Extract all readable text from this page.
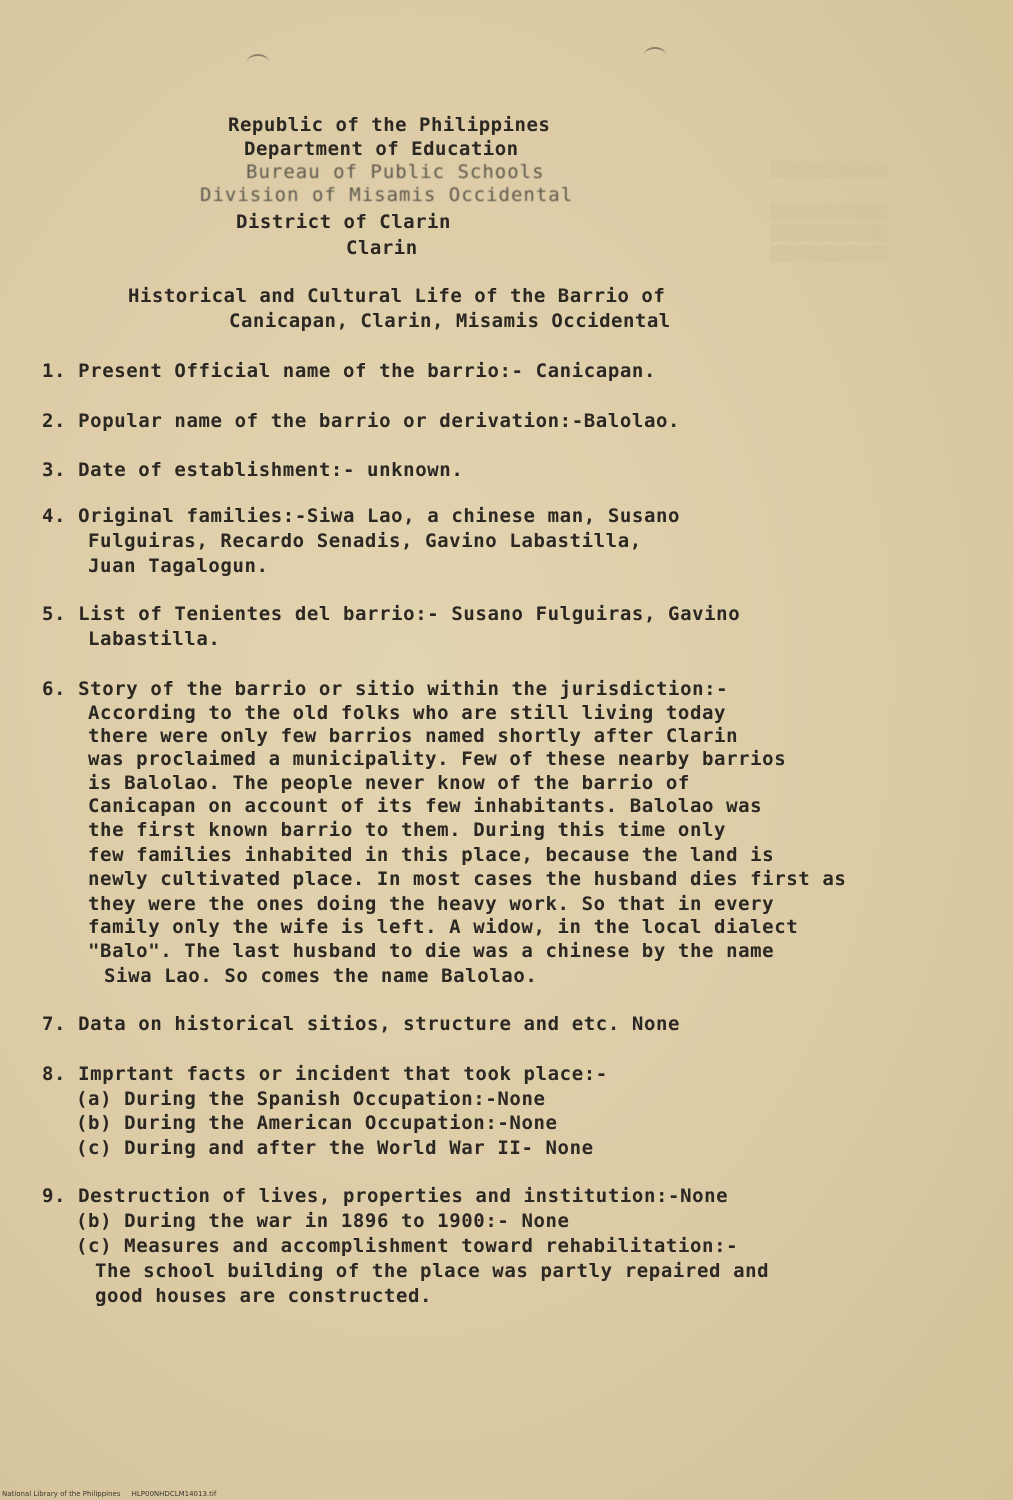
▒▒▒▒▒▒▒▒▒▒▒▒▒

▒▒▒▒▒▒▒▒▒▒▒▒▒
▒▒▒▒▒▒▒▒▒▒▒▒▒
▒▒▒▒▒▒▒▒▒▒▒▒▒
Republic of the Philippines
Department of Education
Bureau of Public Schools
Division of Misamis Occidental
District of Clarin
Clarin
Historical and Cultural Life of the Barrio of
Canicapan, Clarin, Misamis Occidental
1. Present Official name of the barrio:- Canicapan.
2. Popular name of the barrio or derivation:-Balolao.
3. Date of establishment:- unknown.
4. Original families:-Siwa Lao, a chinese man, Susano
Fulguiras, Recardo Senadis, Gavino Labastilla,
Juan Tagalogun.
5. List of Tenientes del barrio:- Susano Fulguiras, Gavino
Labastilla.
6. Story of the barrio or sitio within the jurisdiction:-
According to the old folks who are still living today
there were only few barrios named shortly after Clarin
was proclaimed a municipality. Few of these nearby barrios
is Balolao. The people never know of the barrio of
Canicapan on account of its few inhabitants. Balolao was
the first known barrio to them. During this time only
few families inhabited in this place, because the land is
newly cultivated place. In most cases the husband dies first as
they were the ones doing the heavy work. So that in every
family only the wife is left. A widow, in the local dialect
"Balo". The last husband to die was a chinese by the name
Siwa Lao. So comes the name Balolao.
7. Data on historical sitios, structure and etc. None
8. Imprtant facts or incident that took place:-
(a) During the Spanish Occupation:-None
(b) During the American Occupation:-None
(c) During and after the World War II- None
9. Destruction of lives, properties and institution:-None
(b) During the war in 1896 to 1900:- None
(c) Measures and accomplishment toward rehabilitation:-
The school building of the place was partly repaired and
good houses are constructed.
National Library of the Philippines HLP00NHDCLM14013.tif
